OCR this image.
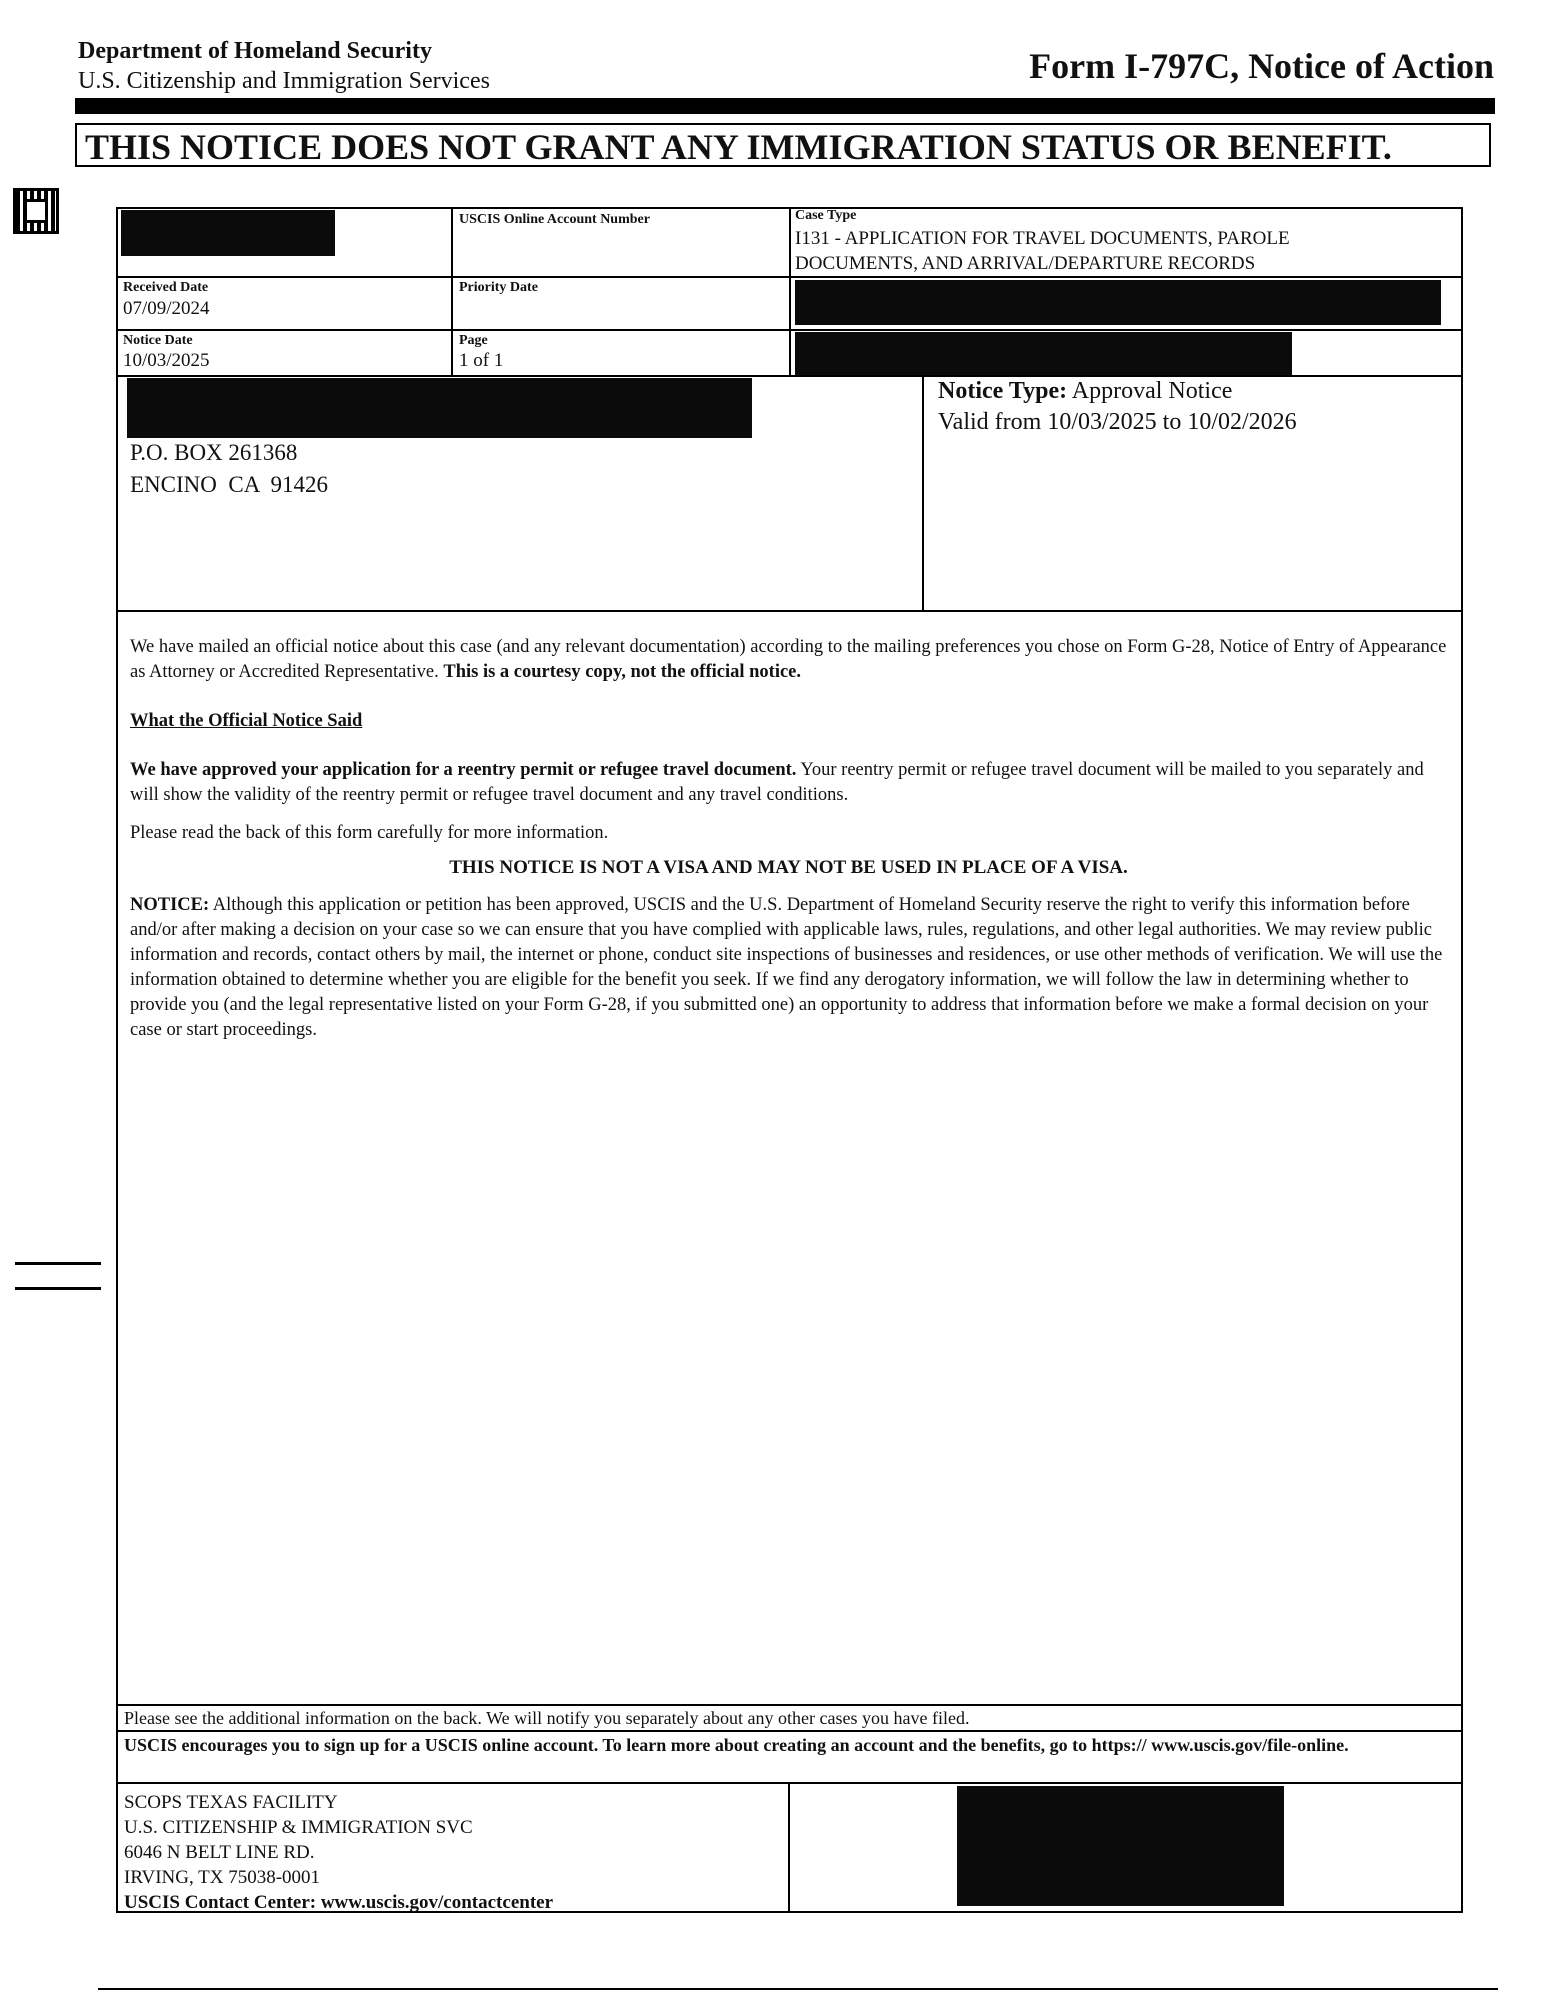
Department of Homeland Security
U.S. Citizenship and Immigration Services	Form I-797C, Notice of Action
THIS NOTICE DOES NOT GRANT ANY IMMIGRATION STATUS OR BENEFIT.
USCIS Online Account Number	Case Type
I131 - APPLICATION FOR TRAVEL DOCUMENTS, PAROLE DOCUMENTS, AND ARRIVAL/DEPARTURE RECORDS
Received Date
07/09/2024
Priority Date
Notice Date
10/03/2025
Page
1 of 1
P.O. BOX 261368
ENCINO  CA  91426
Notice Type: Approval Notice
Valid from 10/03/2025 to 10/02/2026
We have mailed an official notice about this case (and any relevant documentation) according to the mailing preferences you chose on Form G-28, Notice of Entry of Appearance as Attorney or Accredited Representative. This is a courtesy copy, not the official notice.
What the Official Notice Said
We have approved your application for a reentry permit or refugee travel document. Your reentry permit or refugee travel document will be mailed to you separately and will show the validity of the reentry permit or refugee travel document and any travel conditions.
Please read the back of this form carefully for more information.
THIS NOTICE IS NOT A VISA AND MAY NOT BE USED IN PLACE OF A VISA.
NOTICE: Although this application or petition has been approved, USCIS and the U.S. Department of Homeland Security reserve the right to verify this information before and/or after making a decision on your case so we can ensure that you have complied with applicable laws, rules, regulations, and other legal authorities. We may review public information and records, contact others by mail, the internet or phone, conduct site inspections of businesses and residences, or use other methods of verification. We will use the information obtained to determine whether you are eligible for the benefit you seek. If we find any derogatory information, we will follow the law in determining whether to provide you (and the legal representative listed on your Form G-28, if you submitted one) an opportunity to address that information before we make a formal decision on your case or start proceedings.
Please see the additional information on the back. We will notify you separately about any other cases you have filed.
USCIS encourages you to sign up for a USCIS online account. To learn more about creating an account and the benefits, go to https:// www.uscis.gov/file-online.
SCOPS TEXAS FACILITY
U.S. CITIZENSHIP & IMMIGRATION SVC
6046 N BELT LINE RD.
IRVING, TX 75038-0001
USCIS Contact Center: www.uscis.gov/contactcenter
